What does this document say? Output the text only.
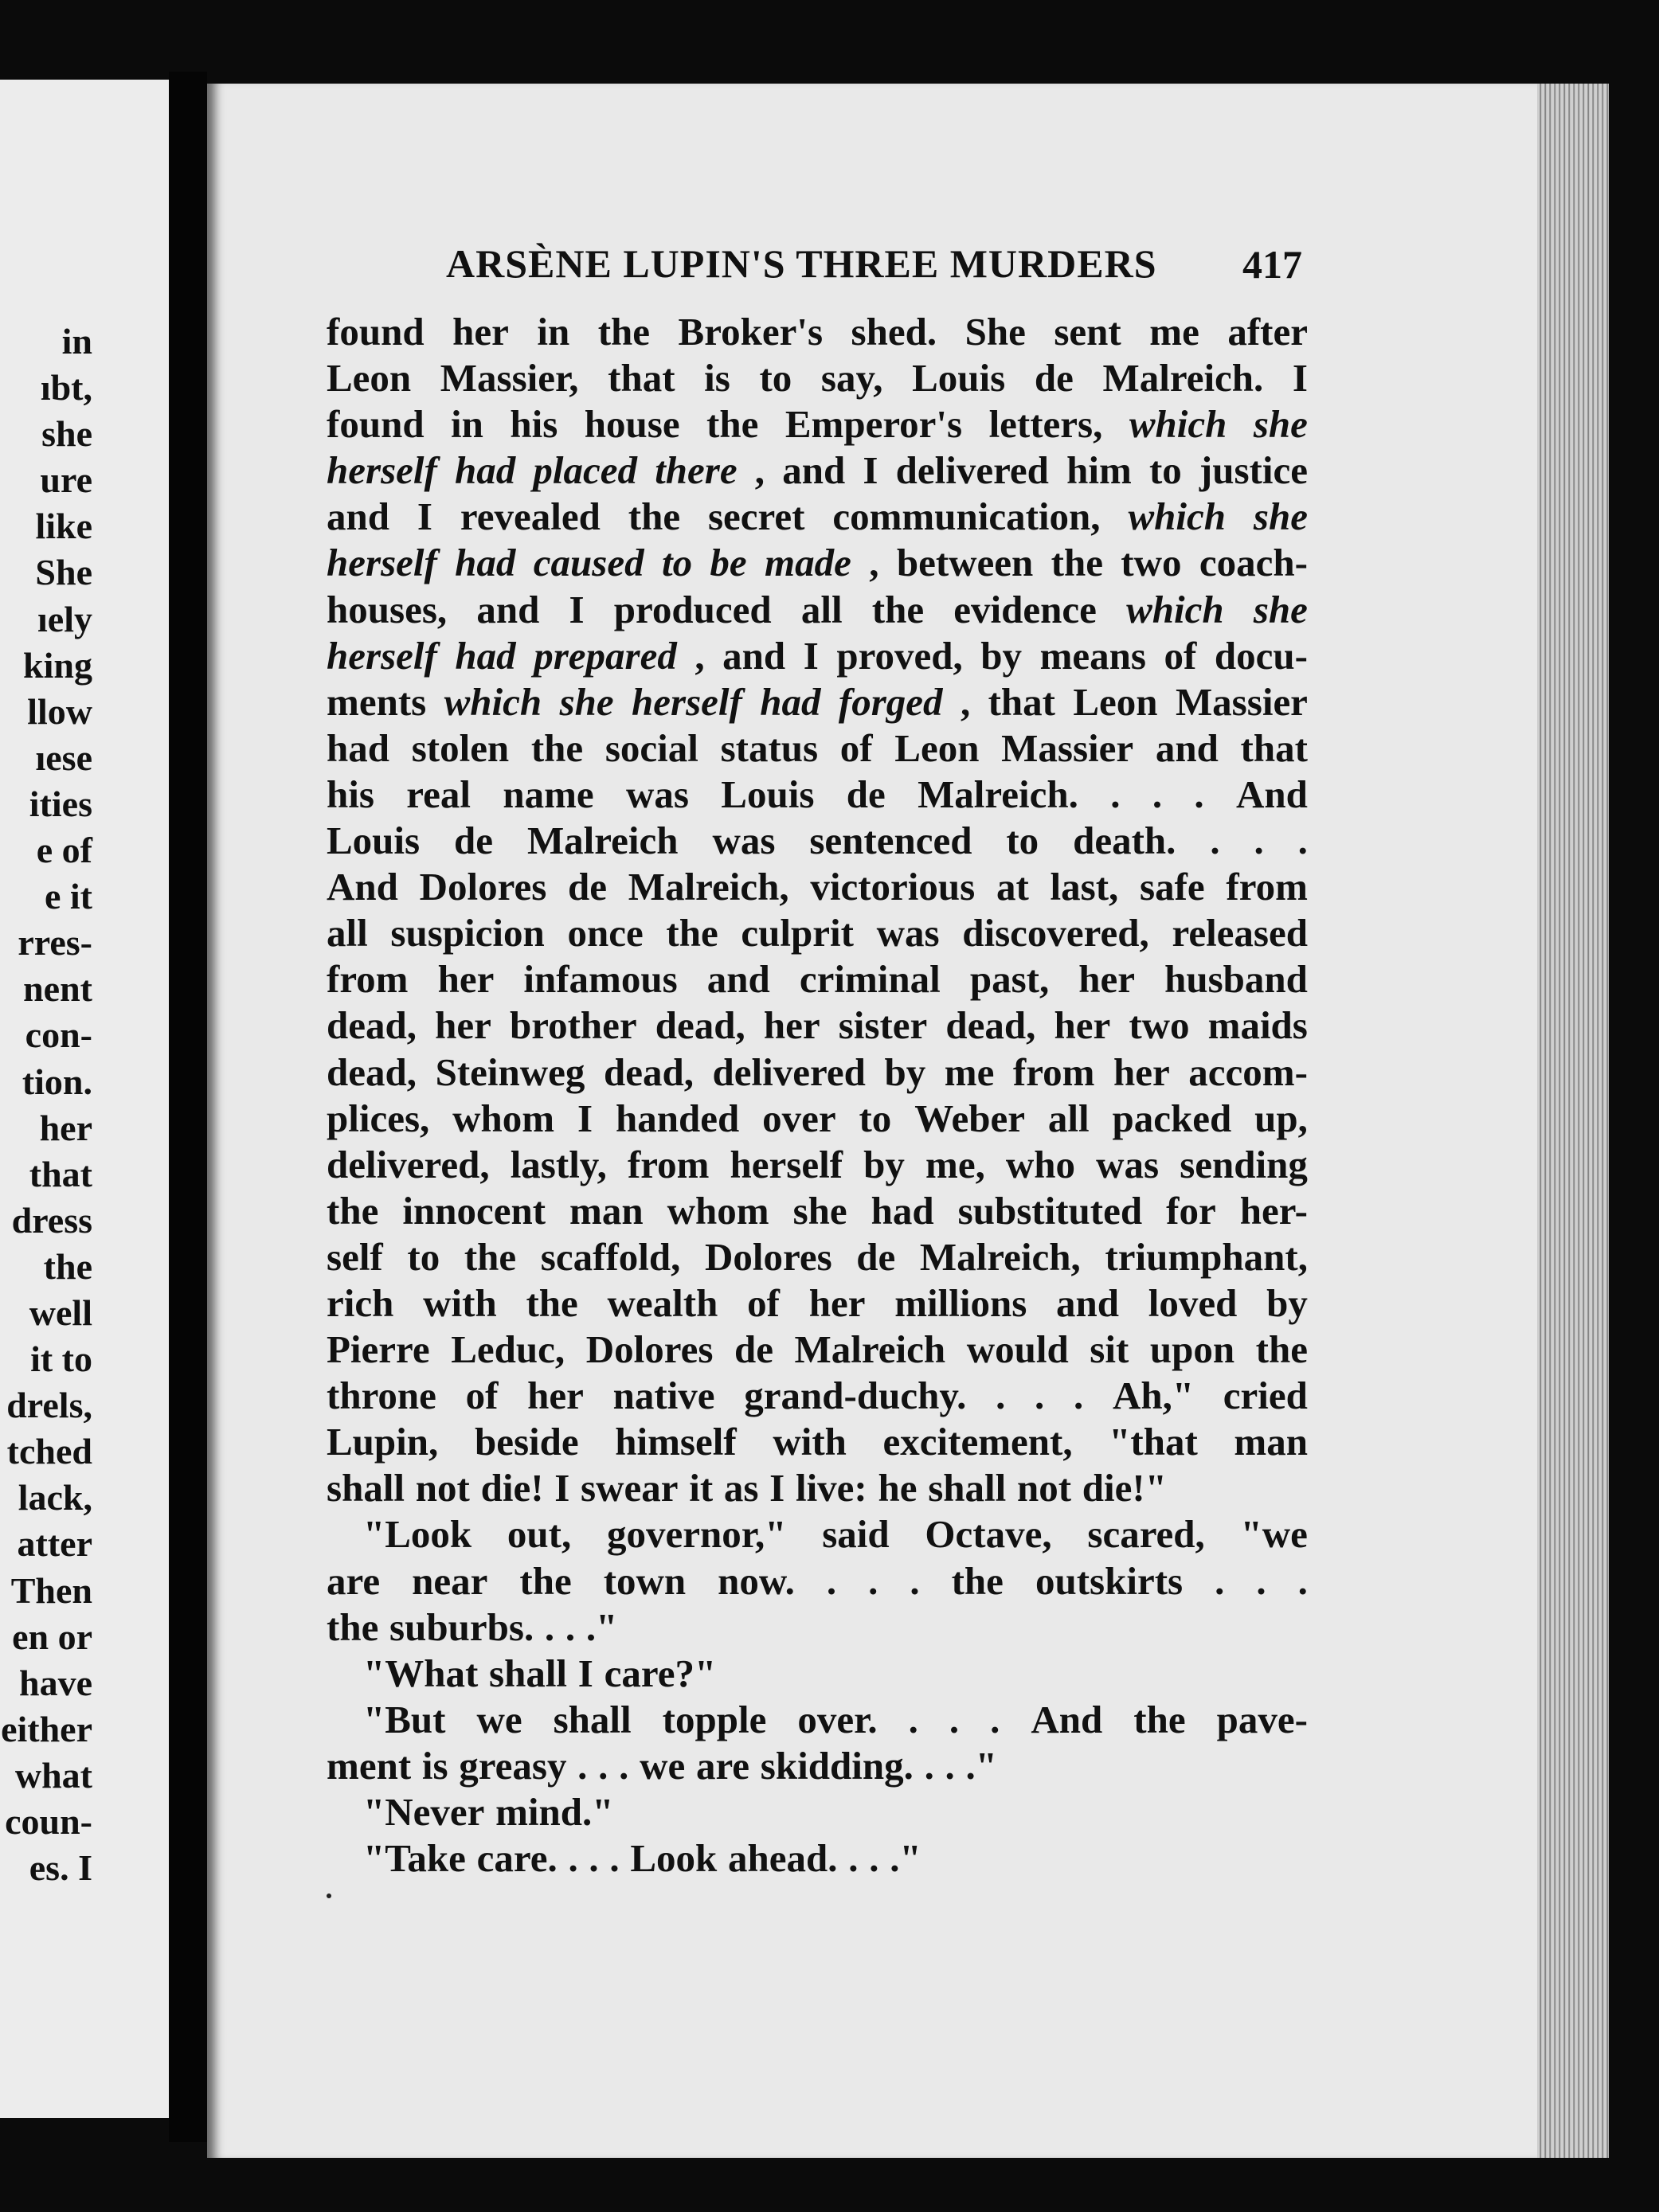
in
ıbt,
she
ure
like
She
ıely
king
llow
ıese
ities
e of
e it
rres-
nent
con-
tion.
her
that
dress
the
well
it to
drels,
tched
lack,
atter
Then
en or
have
either
what
coun-
es. I
ARSÈNE LUPIN'S THREE MURDERS	417
found her in the Broker's shed. She sent me after
Leon Massier, that is to say, Louis de Malreich. I
found in his house the Emperor's letters, which she
herself had placed there , and I delivered him to justice
and I revealed the secret communication, which she
herself had caused to be made , between the two coach-
houses, and I produced all the evidence which she
herself had prepared , and I proved, by means of docu-
ments which she herself had forged , that Leon Massier
had stolen the social status of Leon Massier and that
his real name was Louis de Malreich. . . . And
Louis de Malreich was sentenced to death. . . .
And Dolores de Malreich, victorious at last, safe from
all suspicion once the culprit was discovered, released
from her infamous and criminal past, her husband
dead, her brother dead, her sister dead, her two maids
dead, Steinweg dead, delivered by me from her accom-
plices, whom I handed over to Weber all packed up,
delivered, lastly, from herself by me, who was sending
the innocent man whom she had substituted for her-
self to the scaffold, Dolores de Malreich, triumphant,
rich with the wealth of her millions and loved by
Pierre Leduc, Dolores de Malreich would sit upon the
throne of her native grand-duchy. . . . Ah," cried
Lupin, beside himself with excitement, "that man
shall not die! I swear it as I live: he shall not die!"
"Look out, governor," said Octave, scared, "we
are near the town now. . . . the outskirts . . .
the suburbs. . . ."
"What shall I care?"
"But we shall topple over. . . . And the pave-
ment is greasy . . . we are skidding. . . ."
"Never mind."
"Take care. . . . Look ahead. . . ."
